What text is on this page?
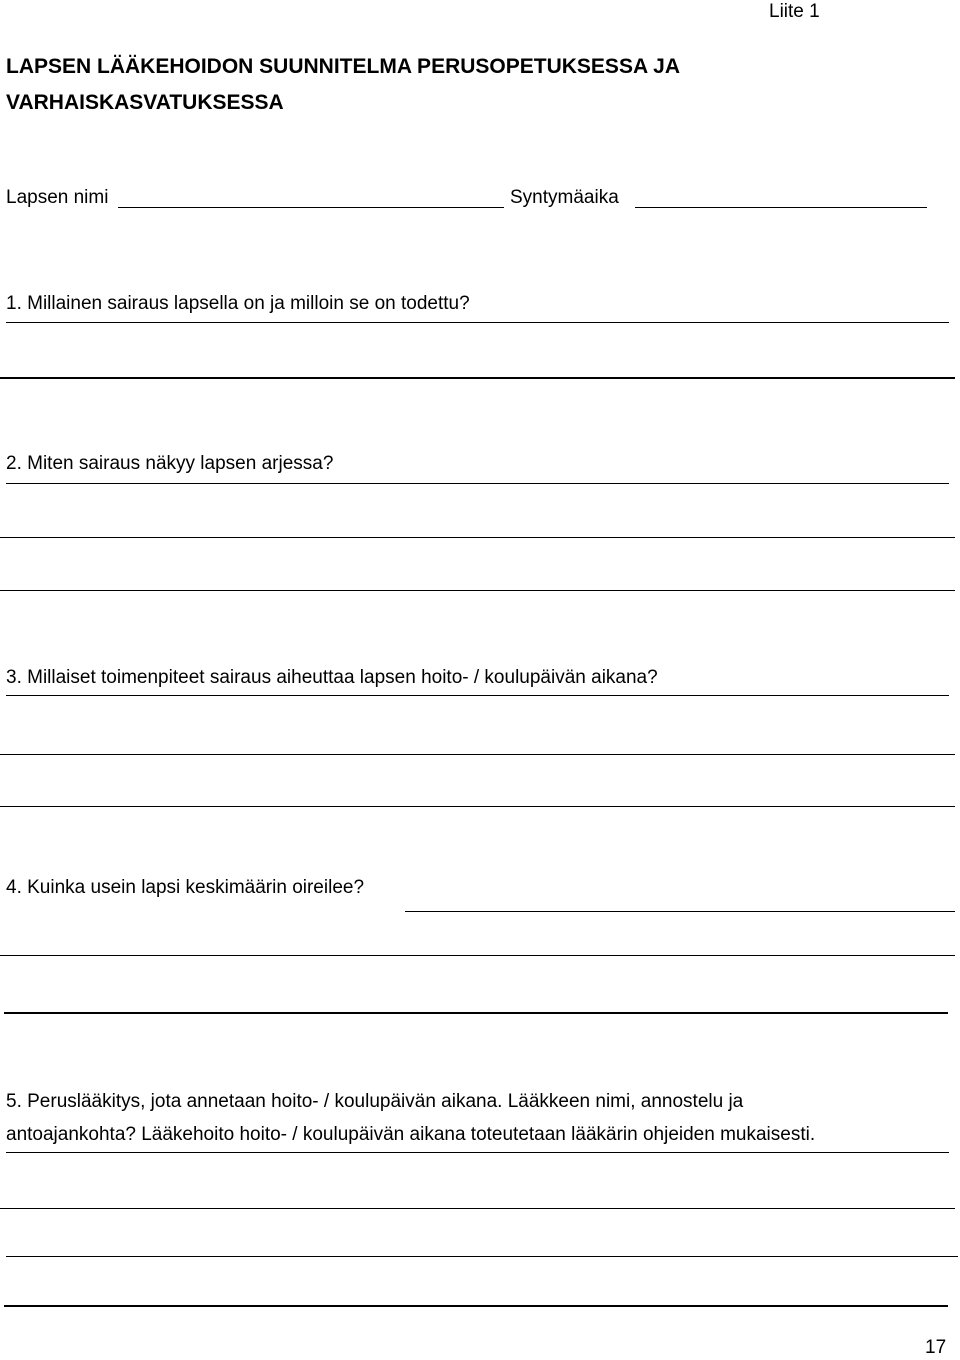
Liite 1
LAPSEN LÄÄKEHOIDON SUUNNITELMA PERUSOPETUKSESSA JA
VARHAISKASVATUKSESSA
Lapsen nimi	Syntymäaika
1. Millainen sairaus lapsella on ja milloin se on todettu?
2. Miten sairaus näkyy lapsen arjessa?
3. Millaiset toimenpiteet sairaus aiheuttaa lapsen hoito- / koulupäivän aikana?
4. Kuinka usein lapsi keskimäärin oireilee?
5. Peruslääkitys, jota annetaan hoito- / koulupäivän aikana. Lääkkeen nimi, annostelu ja
antoajankohta? Lääkehoito hoito- / koulupäivän aikana toteutetaan lääkärin ohjeiden mukaisesti.
17
